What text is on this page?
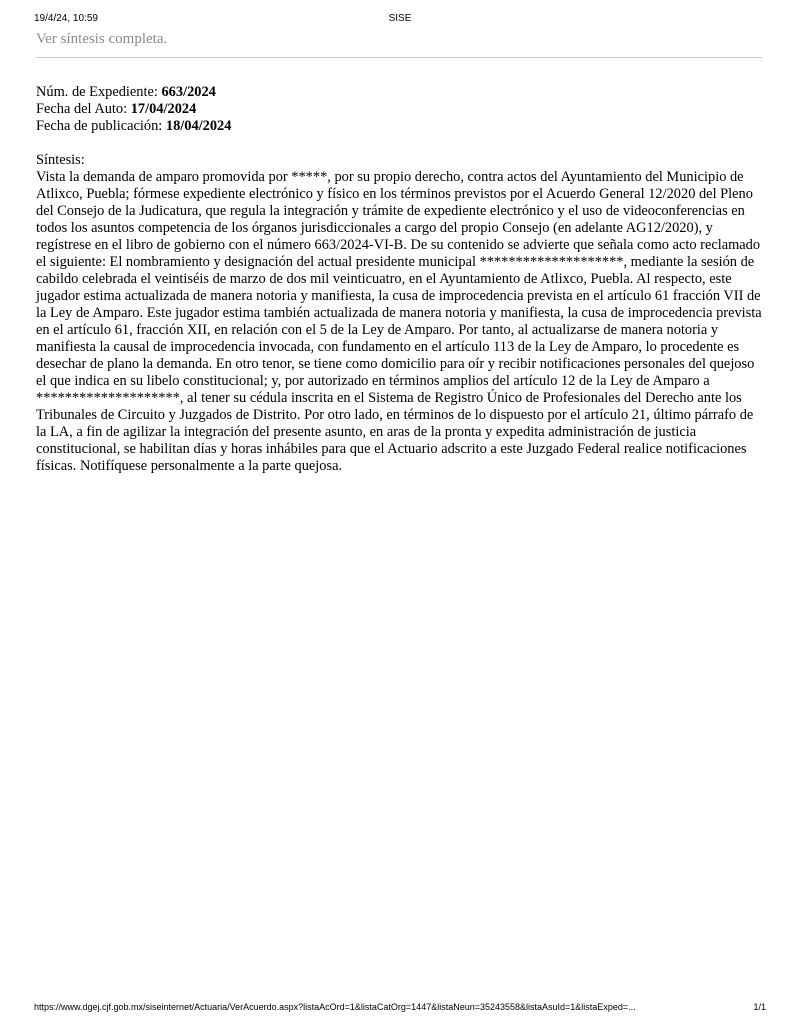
19/4/24, 10:59	SISE
Ver síntesis completa.
Núm. de Expediente: 663/2024
Fecha del Auto: 17/04/2024
Fecha de publicación: 18/04/2024
Síntesis:

Vista la demanda de amparo promovida por *****, por su propio derecho, contra actos del Ayuntamiento del Municipio de Atlixco, Puebla; fórmese expediente electrónico y físico en los términos previstos por el Acuerdo General 12/2020 del Pleno del Consejo de la Judicatura, que regula la integración y trámite de expediente electrónico y el uso de videoconferencias en todos los asuntos competencia de los órganos jurisdiccionales a cargo del propio Consejo (en adelante AG12/2020), y regístrese en el libro de gobierno con el número 663/2024-VI-B. De su contenido se advierte que señala como acto reclamado el siguiente: El nombramiento y designación del actual presidente municipal ********************, mediante la sesión de cabildo celebrada el veintiséis de marzo de dos mil veinticuatro, en el Ayuntamiento de Atlixco, Puebla. Al respecto, este jugador estima actualizada de manera notoria y manifiesta, la cusa de improcedencia prevista en el artículo 61 fracción VII de la Ley de Amparo. Este jugador estima también actualizada de manera notoria y manifiesta, la cusa de improcedencia prevista en el artículo 61, fracción XII, en relación con el 5 de la Ley de Amparo. Por tanto, al actualizarse de manera notoria y manifiesta la causal de improcedencia invocada, con fundamento en el artículo 113 de la Ley de Amparo, lo procedente es desechar de plano la demanda. En otro tenor, se tiene como domicilio para oír y recibir notificaciones personales del quejoso el que indica en su libelo constitucional; y, por autorizado en términos amplios del artículo 12 de la Ley de Amparo a ********************, al tener su cédula inscrita en el Sistema de Registro Único de Profesionales del Derecho ante los Tribunales de Circuito y Juzgados de Distrito. Por otro lado, en términos de lo dispuesto por el artículo 21, último párrafo de la LA, a fin de agilizar la integración del presente asunto, en aras de la pronta y expedita administración de justicia constitucional, se habilitan días y horas inhábiles para que el Actuario adscrito a este Juzgado Federal realice notificaciones físicas. Notifíquese personalmente a la parte quejosa.

https://www.dgej.cjf.gob.mx/siseinternet/Actuaria/VerAcuerdo.aspx?listaAcOrd=1&listaCatOrg=1447&listaNeun=35243558&listaAsuId=1&listaExped=...	1/1
